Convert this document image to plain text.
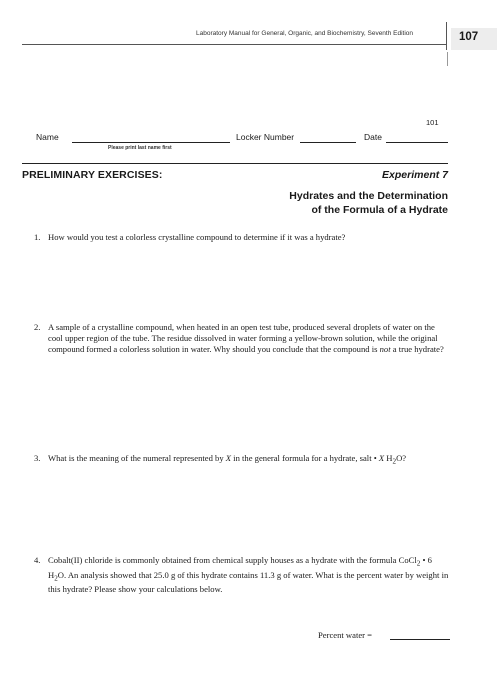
Laboratory Manual for General, Organic, and Biochemistry, Seventh Edition	107
101
Name
Please print last name first
Locker Number	Date
PRELIMINARY EXERCISES:	Experiment 7
Hydrates and the Determination
of the Formula of a Hydrate
1. How would you test a colorless crystalline compound to determine if it was a hydrate?
2. A sample of a crystalline compound, when heated in an open test tube, produced several droplets of water on the cool upper region of the tube. The residue dissolved in water forming a yellow-brown solution, while the original compound formed a colorless solution in water. Why should you conclude that the compound is not a true hydrate?
3. What is the meaning of the numeral represented by X in the general formula for a hydrate, salt • X $H_2O$?
4. Cobalt(II) chloride is commonly obtained from chemical supply houses as a hydrate with the formula CoCl$_2$ • 6 $H_2O$. An analysis showed that 25.0 g of this hydrate contains 11.3 g of water. What is the percent water by weight in this hydrate? Please show your calculations below.
Percent water =
